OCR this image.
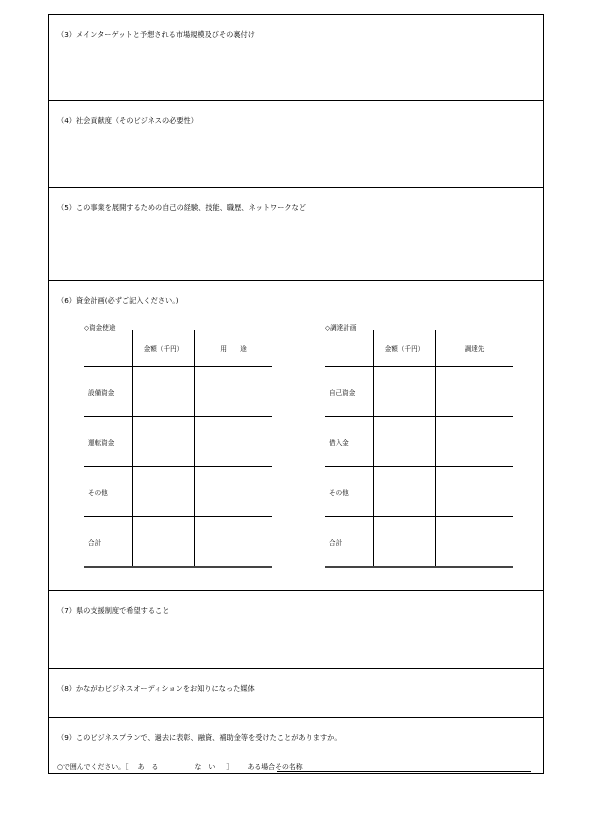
（3）メインターゲットと予想される市場規模及びその裏付け
（4）社会貢献度（そのビジネスの必要性）
（5）この事業を展開するための自己の経験、技能、職歴、ネットワークなど
（6）資金計画(必ずご記入ください。)
◇資金使途
	金額（千円）	用　　途
設備資金		
運転資金		
その他		
合計		
◇調達計画
	金額（千円）	調達先
自己資金		
借入金		
その他		
合計		
（7）県の支援制度で希望すること
（8）かながわビジネスオーディションをお知りになった媒体
（9）このビジネスプランで、過去に表彰、融資、補助金等を受けたことがありますか。
○で囲んでください。［ あ　る	な　い ］ ある場合その名称
